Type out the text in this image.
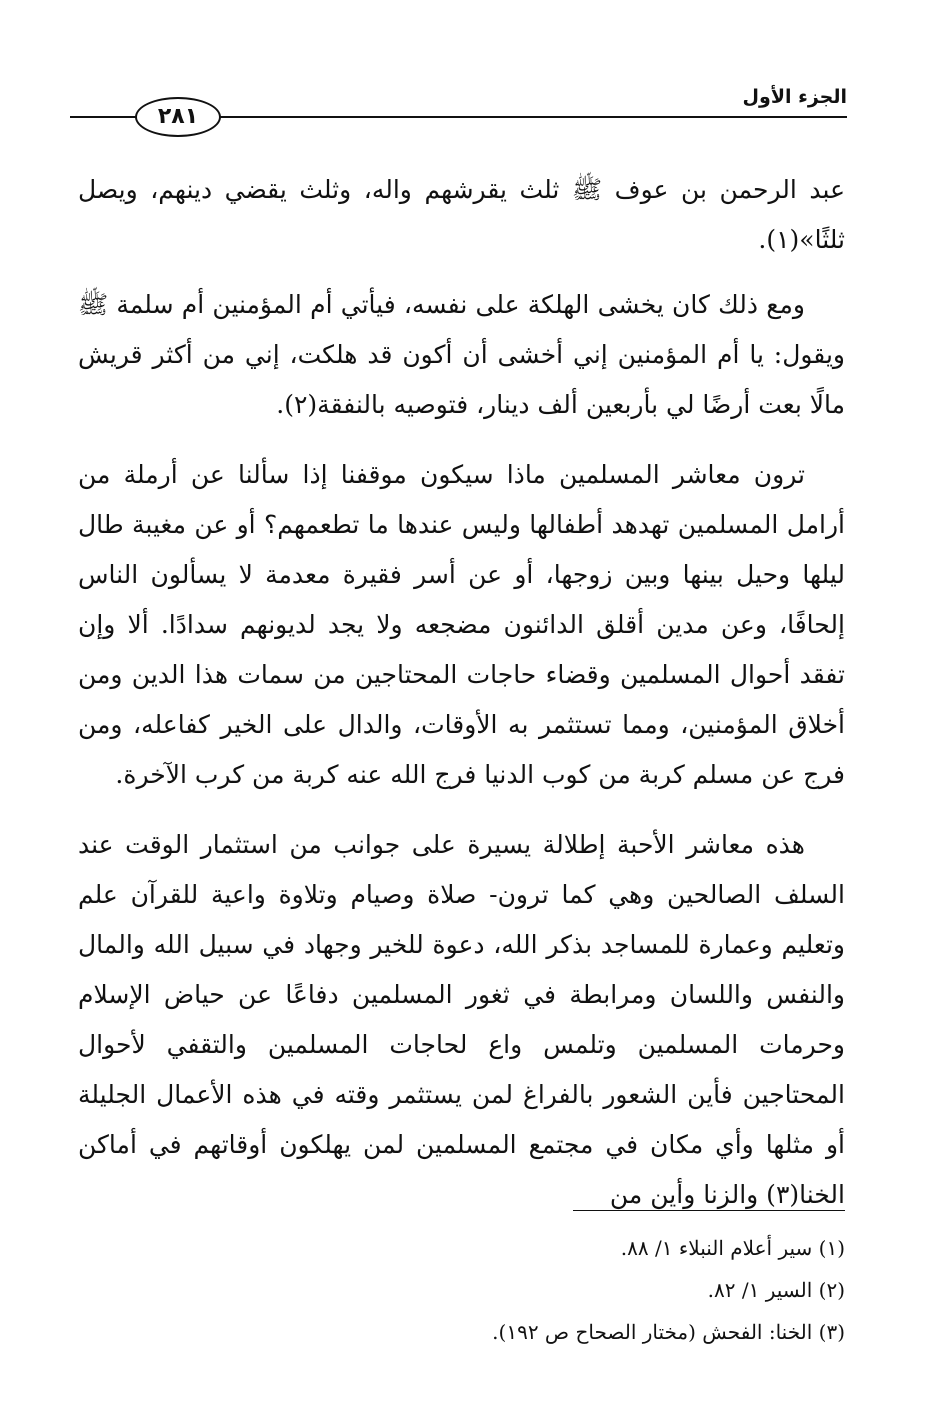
الجزء الأول
٢٨١

عبد الرحمن بن عوف ﷺ ثلث يقرشهم واله، وثلث يقضي دينهم، ويصل ثلثًا»(١).

ومع ذلك كان يخشى الهلكة على نفسه، فيأتي أم المؤمنين أم سلمة ﷺ ويقول: يا أم المؤمنين إني أخشى أن أكون قد هلكت، إني من أكثر قريش مالًا بعت أرضًا لي بأربعين ألف دينار، فتوصيه بالنفقة(٢).

ترون معاشر المسلمين ماذا سيكون موقفنا إذا سألنا عن أرملة من أرامل المسلمين تهدهد أطفالها وليس عندها ما تطعمهم؟ أو عن مغيبة طال ليلها وحيل بينها وبين زوجها، أو عن أسر فقيرة معدمة لا يسألون الناس إلحافًا، وعن مدين أقلق الدائنون مضجعه ولا يجد لديونهم سدادًا. ألا وإن تفقد أحوال المسلمين وقضاء حاجات المحتاجين من سمات هذا الدين ومن أخلاق المؤمنين، ومما تستثمر به الأوقات، والدال على الخير كفاعله، ومن فرج عن مسلم كربة من كوب الدنيا فرج الله عنه كربة من كرب الآخرة.

هذه معاشر الأحبة إطلالة يسيرة على جوانب من استثمار الوقت عند السلف الصالحين وهي كما ترون- صلاة وصيام وتلاوة واعية للقرآن علم وتعليم وعمارة للمساجد بذكر الله، دعوة للخير وجهاد في سبيل الله والمال والنفس واللسان ومرابطة في ثغور المسلمين دفاعًا عن حياض الإسلام وحرمات المسلمين وتلمس واع لحاجات المسلمين والتقفي لأحوال المحتاجين فأين الشعور بالفراغ لمن يستثمر وقته في هذه الأعمال الجليلة أو مثلها وأي مكان في مجتمع المسلمين لمن يهلكون أوقاتهم في أماكن الخنا(٣) والزنا وأين من

(١) سير أعلام النبلاء ١/ ٨٨.

(٢) السير ١/ ٨٢.

(٣) الخنا: الفحش (مختار الصحاح ص ١٩٢).
